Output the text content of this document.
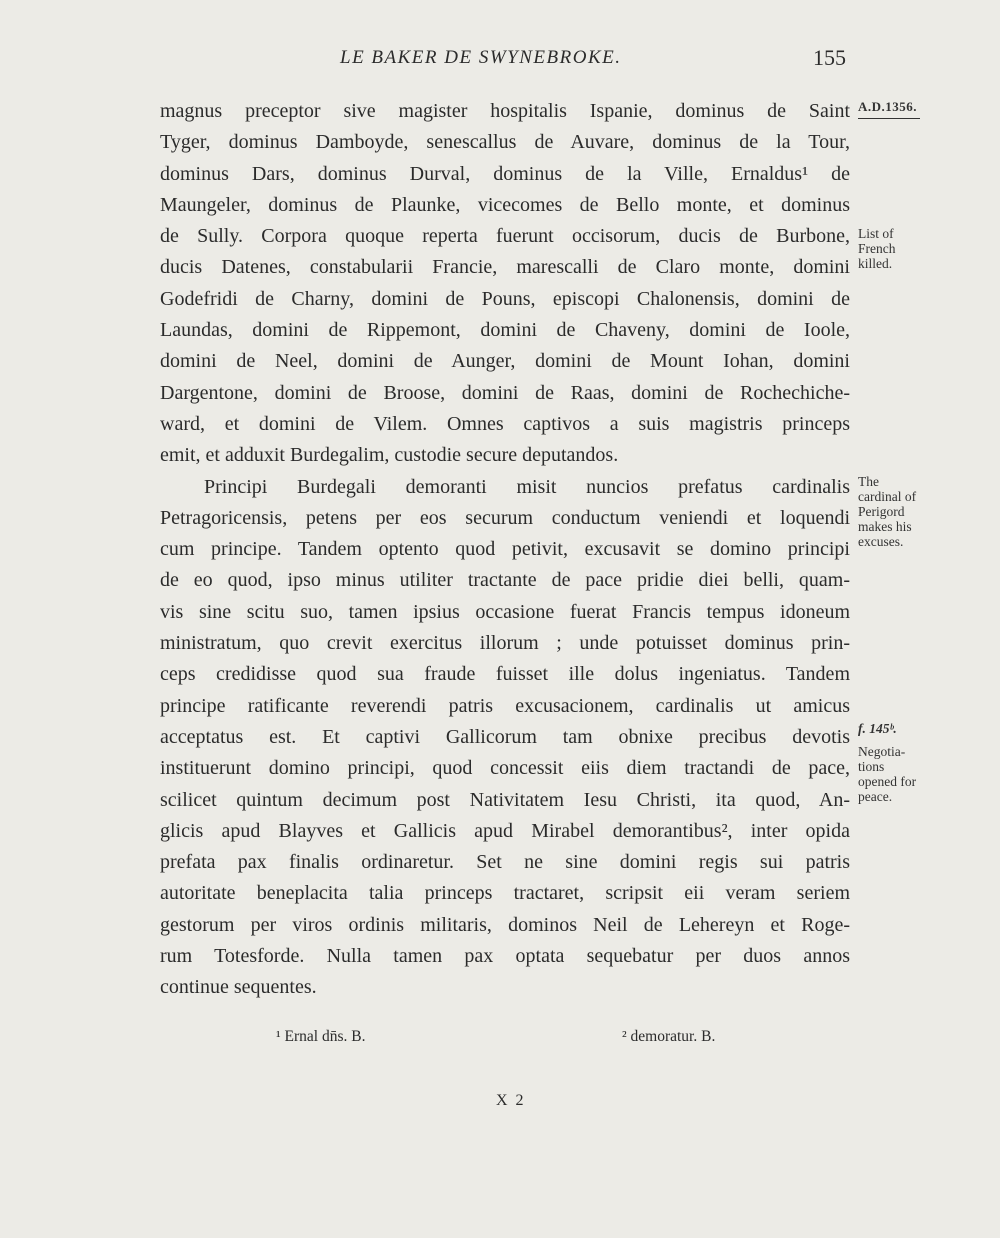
LE BAKER DE SWYNEBROKE.	155
magnus preceptor sive magister hospitalis Ispanie, dominus de Saint
Tyger, dominus Damboyde, senescallus de Auvare, dominus de la Tour,
dominus Dars, dominus Durval, dominus de la Ville, Ernaldus¹ de
Maungeler, dominus de Plaunke, vicecomes de Bello monte, et dominus
de Sully. Corpora quoque reperta fuerunt occisorum, ducis de Burbone,
ducis Datenes, constabularii Francie, marescalli de Claro monte, domini
Godefridi de Charny, domini de Pouns, episcopi Chalonensis, domini de
Laundas, domini de Rippemont, domini de Chaveny, domini de Ioole,
domini de Neel, domini de Aunger, domini de Mount Iohan, domini
Dargentone, domini de Broose, domini de Raas, domini de Rochechiche-
ward, et domini de Vilem. Omnes captivos a suis magistris princeps
emit, et adduxit Burdegalim, custodie secure deputandos.
Principi Burdegali demoranti misit nuncios prefatus cardinalis
Petragoricensis, petens per eos securum conductum veniendi et loquendi
cum principe. Tandem optento quod petivit, excusavit se domino principi
de eo quod, ipso minus utiliter tractante de pace pridie diei belli, quam-
vis sine scitu suo, tamen ipsius occasione fuerat Francis tempus idoneum
ministratum, quo crevit exercitus illorum ; unde potuisset dominus prin-
ceps credidisse quod sua fraude fuisset ille dolus ingeniatus. Tandem
principe ratificante reverendi patris excusacionem, cardinalis ut amicus
acceptatus est. Et captivi Gallicorum tam obnixe precibus devotis
instituerunt domino principi, quod concessit eiis diem tractandi de pace,
scilicet quintum decimum post Nativitatem Iesu Christi, ita quod, An-
glicis apud Blayves et Gallicis apud Mirabel demorantibus², inter opida
prefata pax finalis ordinaretur. Set ne sine domini regis sui patris
autoritate beneplacita talia princeps tractaret, scripsit eii veram seriem
gestorum per viros ordinis militaris, dominos Neil de Lehereyn et Roge-
rum Totesforde. Nulla tamen pax optata sequebatur per duos annos
continue sequentes.
A.D.1356.
List of
French
killed.
The
cardinal of
Perigord
makes his
excuses.
f. 145ᵇ.
Negotia-
tions
opened for
peace.
¹ Ernal dn̄s. B.	² demoratur. B.
X 2
